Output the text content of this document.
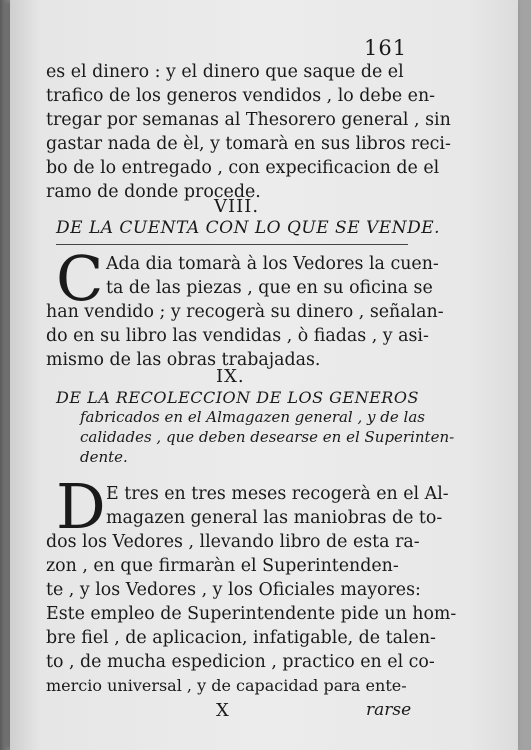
161
es el dinero : y el dinero que saque de el
trafico de los generos vendidos , lo debe en-
tregar por semanas al Thesorero general , sin
gastar nada de èl, y tomarà en sus libros reci-
bo de lo entregado , con expecificacion de el
ramo de donde procede.
VIII.
DE LA CUENTA CON LO QUE SE VENDE.
C Ada dia tomarà à los Vedores la cuen-
ta de las piezas , que en su oficina se
han vendido ; y recogerà su dinero , señalan-
do en su libro las vendidas , ò fiadas , y asi-
mismo de las obras trabajadas.
IX.
DE LA RECOLECCION DE LOS GENEROS
fabricados en el Almagazen general , y de las
calidades , que deben desearse en el Superinten-
dente.
D E tres en tres meses recogerà en el Al-
magazen general las maniobras de to-
dos los Vedores , llevando libro de esta ra-
zon , en que firmaràn el Superintenden-
te , y los Vedores , y los Oficiales mayores:
Este empleo de Superintendente pide un hom-
bre fiel , de aplicacion, infatigable, de talen-
to , de mucha espedicion , practico en el co-
mercio universal , y de capacidad para ente-
X	rarse
